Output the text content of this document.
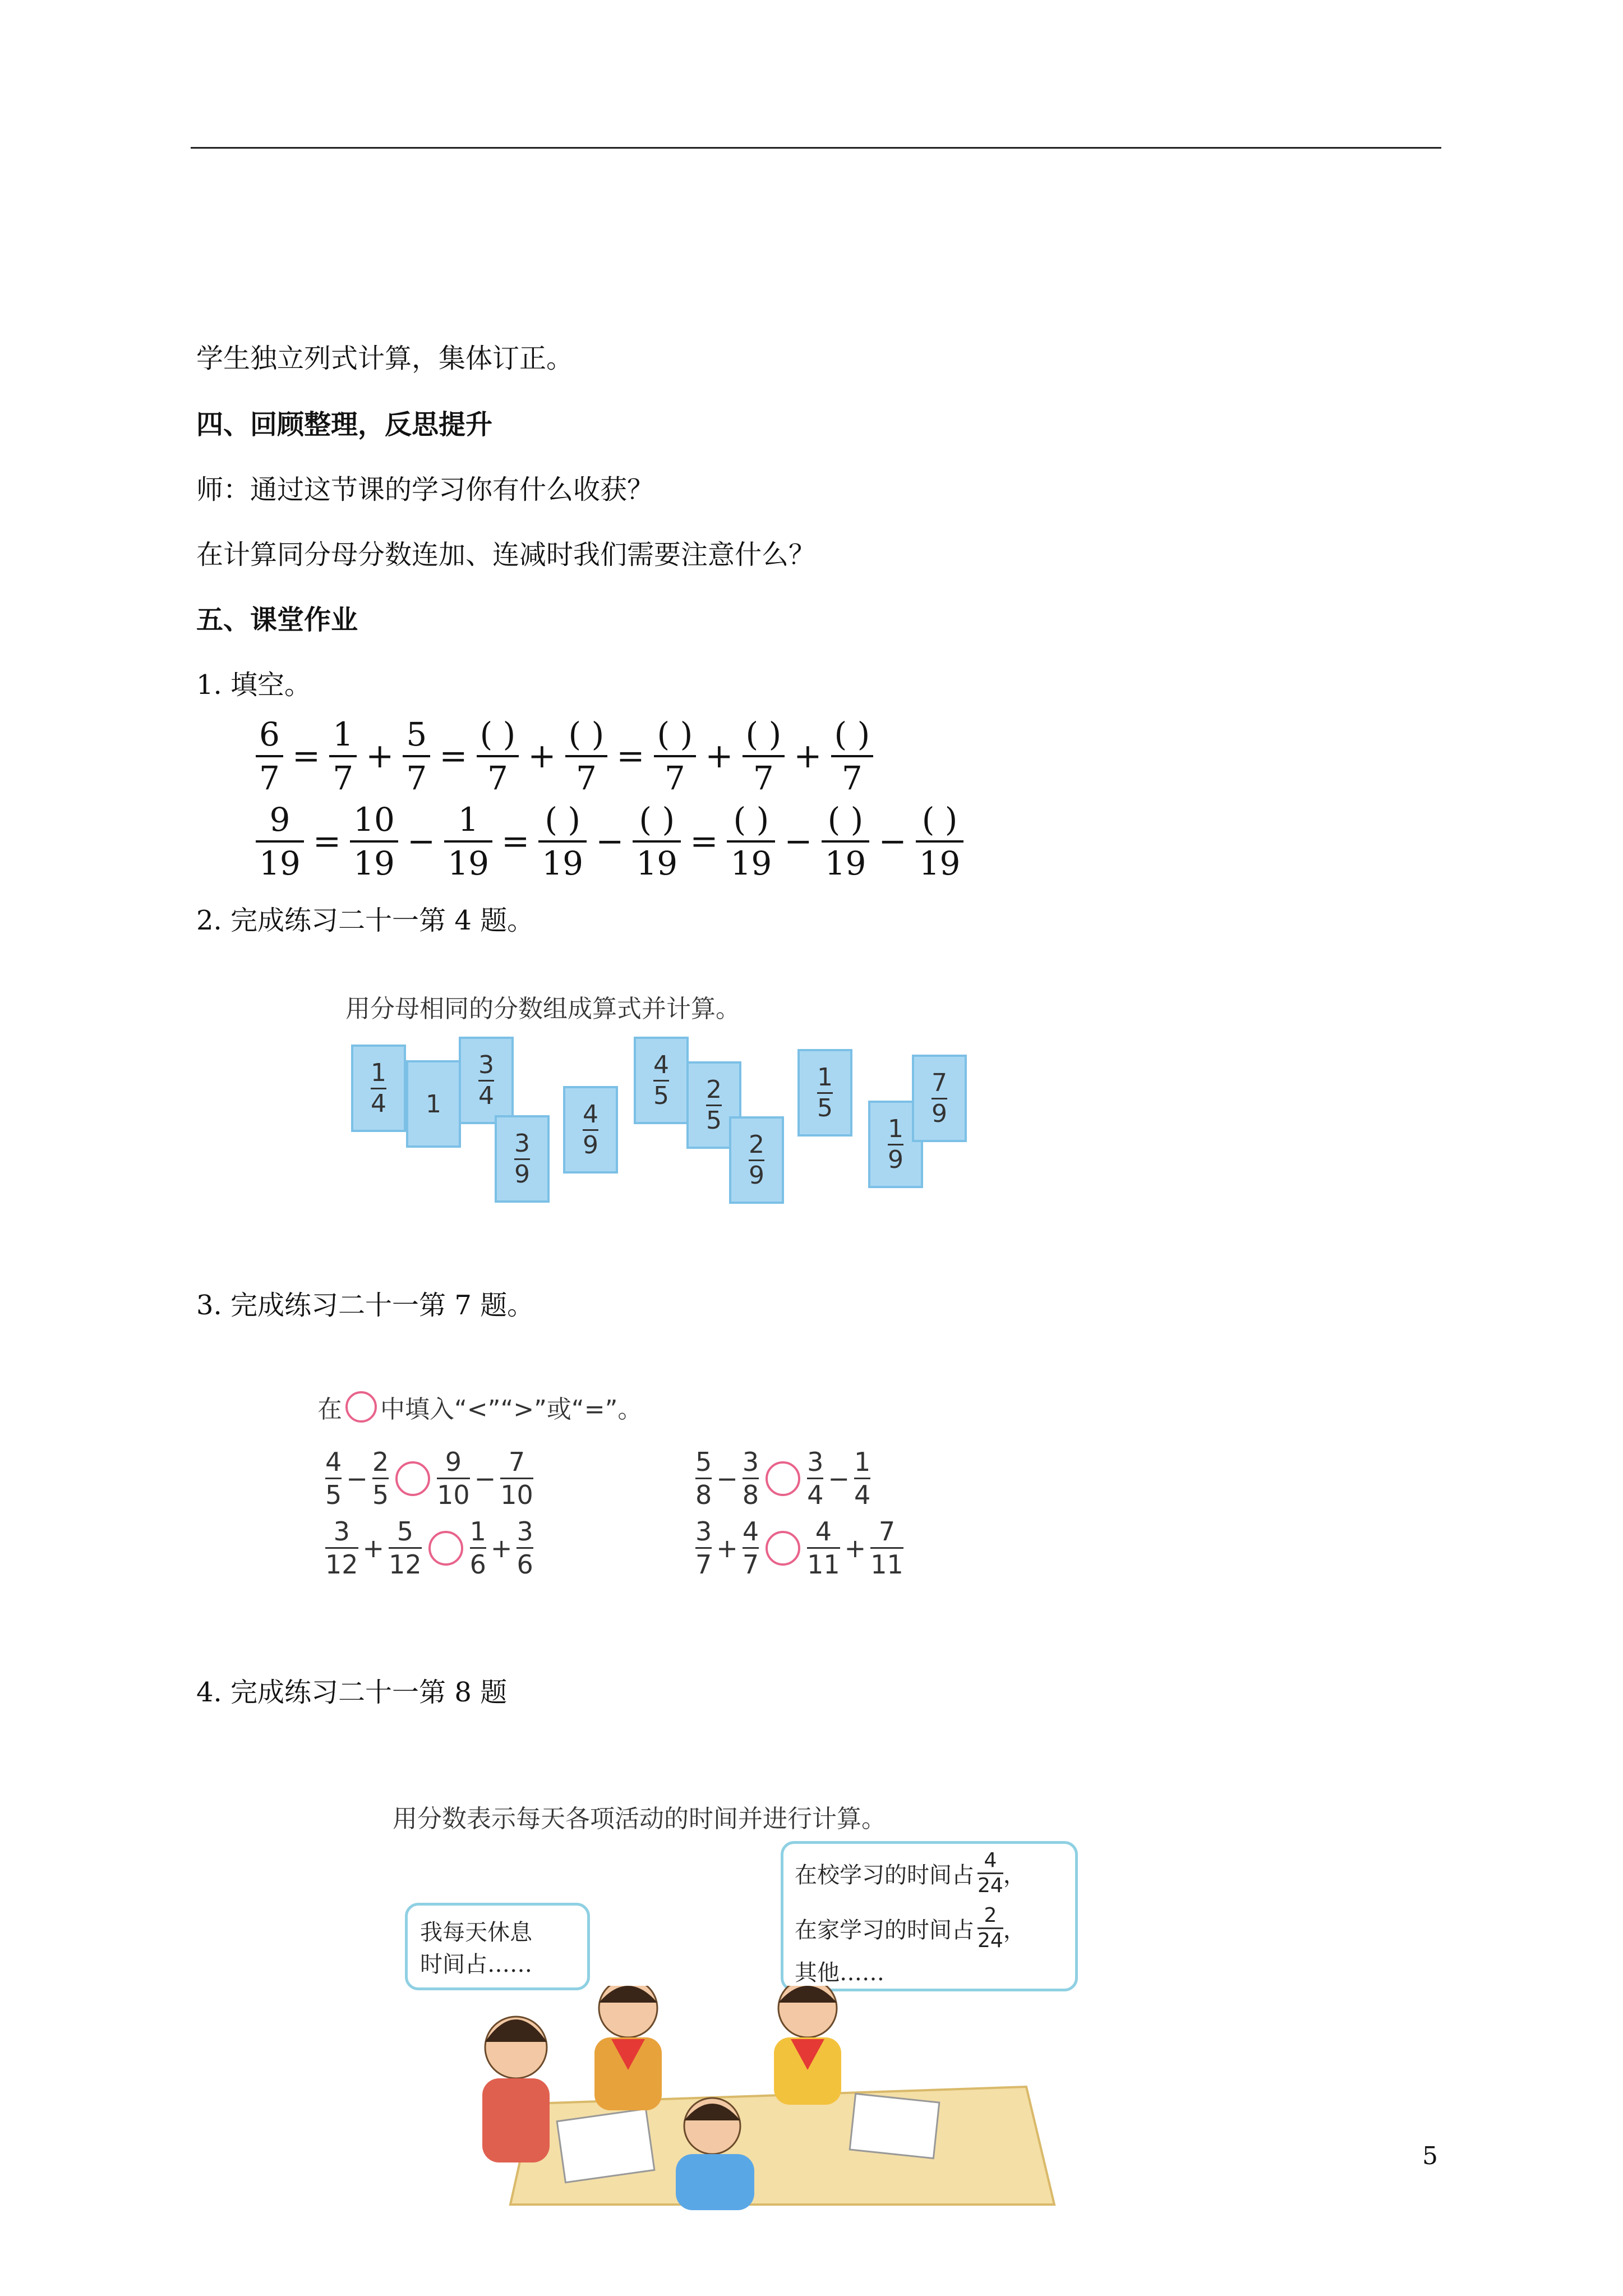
学生独立列式计算，集体订正。
四、回顾整理，反思提升
师：通过这节课的学习你有什么收获？
在计算同分母分数连加、连减时我们需要注意什么？
五、课堂作业
1. 填空。
$\frac{6}{7} = \frac{1}{7} + \frac{5}{7} = \frac{( )}{7} + \frac{( )}{7} = \frac{( )}{7} + \frac{( )}{7} + \frac{( )}{7}$
$\frac{9}{19} = \frac{10}{19} - \frac{1}{19} = \frac{( )}{19} - \frac{( )}{19} = \frac{( )}{19} - \frac{( )}{19} - \frac{( )}{19}$
2. 完成练习二十一第 4 题。
用分母相同的分数组成算式并计算。
1
4 1
3
4
3
9
4
9
4
5 2
5
2
9
1
5
1
9
7
9
3. 完成练习二十一第 7 题。
在 中填入“<”“>”或“=”。
4
5
−
2
5
9
10
−
7
10
5
8
−
3
8
3
4
−
1
4
3
12
+
5
12
1
6
+
3
6
3
7
+
4
7
4
11
+
7
11
4. 完成练习二十一第 8 题
用分数表示每天各项活动的时间并进行计算。
我每天休息
时间占……
在校学习的时间占
4
24 ，
在家学习的时间占
2
24 ，
其他……
5
